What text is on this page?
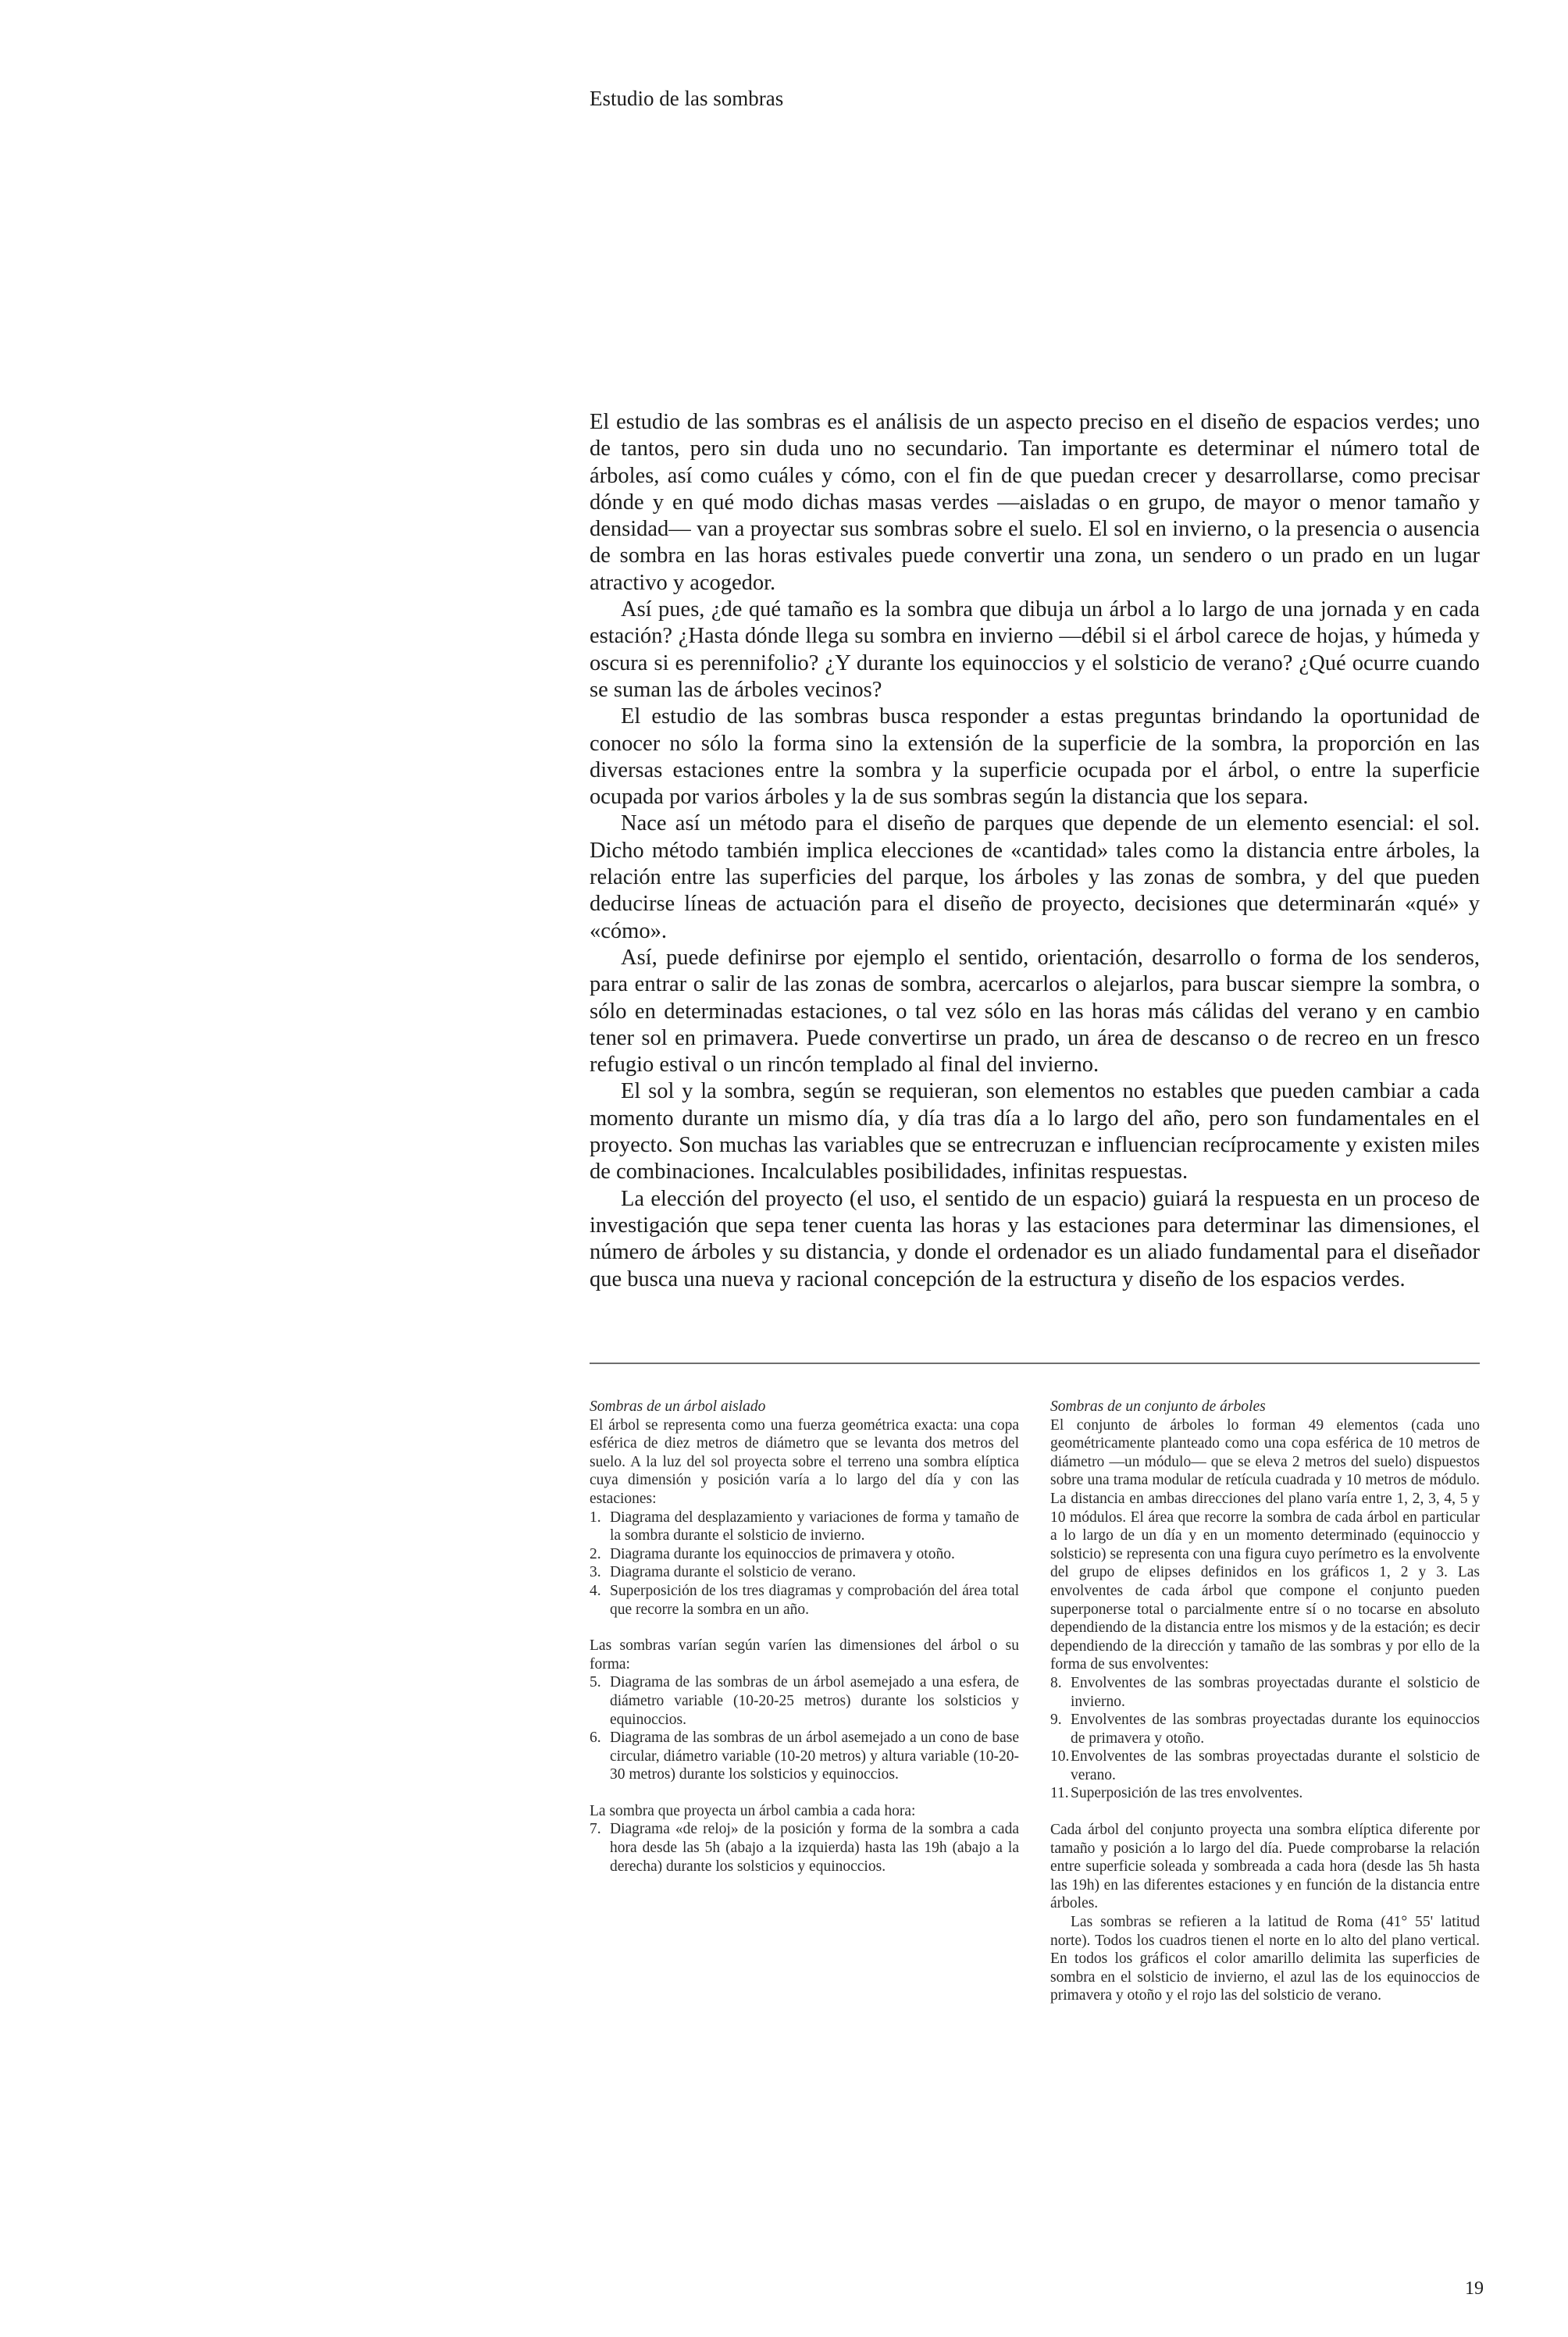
Estudio de las sombras

El estudio de las sombras es el análisis de un aspecto preciso en el diseño de espacios verdes; uno de tantos, pero sin duda uno no secundario. Tan importante es determinar el número total de árboles, así como cuáles y cómo, con el fin de que puedan crecer y desarrollarse, como precisar dónde y en qué modo dichas masas verdes —aisladas o en grupo, de mayor o menor tamaño y densidad— van a proyectar sus sombras sobre el suelo. El sol en invierno, o la presencia o ausencia de sombra en las horas estivales puede convertir una zona, un sendero o un prado en un lugar atractivo y acogedor.

Así pues, ¿de qué tamaño es la sombra que dibuja un árbol a lo largo de una jornada y en cada estación? ¿Hasta dónde llega su sombra en invierno —débil si el árbol carece de hojas, y húmeda y oscura si es perennifolio? ¿Y durante los equinoccios y el solsticio de verano? ¿Qué ocurre cuando se suman las de árboles vecinos?

El estudio de las sombras busca responder a estas preguntas brindando la oportunidad de conocer no sólo la forma sino la extensión de la superficie de la sombra, la proporción en las diversas estaciones entre la sombra y la superficie ocupada por el árbol, o entre la superficie ocupada por varios árboles y la de sus sombras según la distancia que los separa.

Nace así un método para el diseño de parques que depende de un elemento esencial: el sol. Dicho método también implica elecciones de «cantidad» tales como la distancia entre árboles, la relación entre las superficies del parque, los árboles y las zonas de sombra, y del que pueden deducirse líneas de actuación para el diseño de proyecto, decisiones que determinarán «qué» y «cómo».

Así, puede definirse por ejemplo el sentido, orientación, desarrollo o forma de los senderos, para entrar o salir de las zonas de sombra, acercarlos o alejarlos, para buscar siempre la sombra, o sólo en determinadas estaciones, o tal vez sólo en las horas más cálidas del verano y en cambio tener sol en primavera. Puede convertirse un prado, un área de descanso o de recreo en un fresco refugio estival o un rincón templado al final del invierno.

El sol y la sombra, según se requieran, son elementos no estables que pueden cambiar a cada momento durante un mismo día, y día tras día a lo largo del año, pero son fundamentales en el proyecto. Son muchas las variables que se entrecruzan e influencian recíprocamente y existen miles de combinaciones. Incalculables posibilidades, infinitas respuestas.

La elección del proyecto (el uso, el sentido de un espacio) guiará la respuesta en un proceso de investigación que sepa tener cuenta las horas y las estaciones para determinar las dimensiones, el número de árboles y su distancia, y donde el ordenador es un aliado fundamental para el diseñador que busca una nueva y racional concepción de la estructura y diseño de los espacios verdes.

Sombras de un árbol aislado

El árbol se representa como una fuerza geométrica exacta: una copa esférica de diez metros de diámetro que se levanta dos metros del suelo. A la luz del sol proyecta sobre el terreno una sombra elíptica cuya dimensión y posición varía a lo largo del día y con las estaciones:

1. Diagrama del desplazamiento y variaciones de forma y tamaño de la sombra durante el solsticio de invierno.
2. Diagrama durante los equinoccios de primavera y otoño.
3. Diagrama durante el solsticio de verano.
4. Superposición de los tres diagramas y comprobación del área total que recorre la sombra en un año.

Las sombras varían según varíen las dimensiones del árbol o su forma:

5. Diagrama de las sombras de un árbol asemejado a una esfera, de diámetro variable (10-20-25 metros) durante los solsticios y equinoccios.
6. Diagrama de las sombras de un árbol asemejado a un cono de base circular, diámetro variable (10-20 metros) y altura variable (10-20-30 metros) durante los solsticios y equinoccios.

La sombra que proyecta un árbol cambia a cada hora:

7. Diagrama «de reloj» de la posición y forma de la sombra a cada hora desde las 5h (abajo a la izquierda) hasta las 19h (abajo a la derecha) durante los solsticios y equinoccios.

Sombras de un conjunto de árboles

El conjunto de árboles lo forman 49 elementos (cada uno geométricamente planteado como una copa esférica de 10 metros de diámetro —un módulo— que se eleva 2 metros del suelo) dispuestos sobre una trama modular de retícula cuadrada y 10 metros de módulo. La distancia en ambas direcciones del plano varía entre 1, 2, 3, 4, 5 y 10 módulos. El área que recorre la sombra de cada árbol en particular a lo largo de un día y en un momento determinado (equinoccio y solsticio) se representa con una figura cuyo perímetro es la envolvente del grupo de elipses definidos en los gráficos 1, 2 y 3. Las envolventes de cada árbol que compone el conjunto pueden superponerse total o parcialmente entre sí o no tocarse en absoluto dependiendo de la distancia entre los mismos y de la estación; es decir dependiendo de la dirección y tamaño de las sombras y por ello de la forma de sus envolventes:

8. Envolventes de las sombras proyectadas durante el solsticio de invierno.
9. Envolventes de las sombras proyectadas durante los equinoccios de primavera y otoño.
10. Envolventes de las sombras proyectadas durante el solsticio de verano.
11. Superposición de las tres envolventes.

Cada árbol del conjunto proyecta una sombra elíptica diferente por tamaño y posición a lo largo del día. Puede comprobarse la relación entre superficie soleada y sombreada a cada hora (desde las 5h hasta las 19h) en las diferentes estaciones y en función de la distancia entre árboles.

Las sombras se refieren a la latitud de Roma (41° 55' latitud norte). Todos los cuadros tienen el norte en lo alto del plano vertical. En todos los gráficos el color amarillo delimita las superficies de sombra en el solsticio de invierno, el azul las de los equinoccios de primavera y otoño y el rojo las del solsticio de verano.

19
